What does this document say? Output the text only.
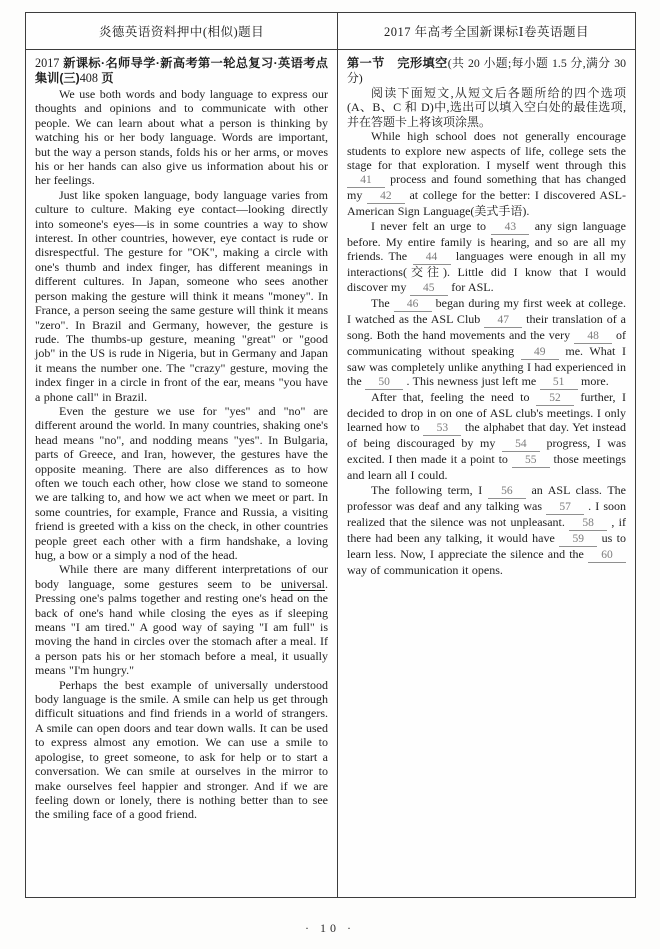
炎德英语资料押中(相似)题目	2017 年高考全国新课标Ⅰ卷英语题目

2017 新课标·名师导学·新高考第一轮总复习·英语考点集训(三)408 页

We use both words and body language to express our thoughts and opinions and to communicate with other people. We can learn about what a person is thinking by watching his or her body language. Words are important, but the way a person stands, folds his or her arms, or moves his or her hands can also give us information about his or her feelings.

Just like spoken language, body language varies from culture to culture. Making eye contact—looking directly into someone's eyes—is in some countries a way to show interest. In other countries, however, eye contact is rude or disrespectful. The gesture for "OK", making a circle with one's thumb and index finger, has different meanings in different cultures. In Japan, someone who sees another person making the gesture will think it means "money". In France, a person seeing the same gesture will think it means "zero". In Brazil and Germany, however, the gesture is rude. The thumbs-up gesture, meaning "great" or "good job" in the US is rude in Nigeria, but in Germany and Japan it means the number one. The "crazy" gesture, moving the index finger in a circle in front of the ear, means "you have a phone call" in Brazil.

Even the gesture we use for "yes" and "no" are different around the world. In many countries, shaking one's head means "no", and nodding means "yes". In Bulgaria, parts of Greece, and Iran, however, the gestures have the opposite meaning. There are also differences as to how often we touch each other, how close we stand to someone we are talking to, and how we act when we meet or part. In some countries, for example, France and Russia, a visiting friend is greeted with a kiss on the check, in other countries people greet each other with a firm handshake, a loving hug, a bow or a simply a nod of the head.

While there are many different interpretations of our body language, some gestures seem to be universal. Pressing one's palms together and resting one's head on the back of one's hand while closing the eyes as if sleeping means "I am tired." A good way of saying "I am full" is moving the hand in circles over the stomach after a meal. If a person pats his or her stomach before a meal, it usually means "I'm hungry."

Perhaps the best example of universally understood body language is the smile. A smile can help us get through difficult situations and find friends in a world of strangers. A smile can open doors and tear down walls. It can be used to express almost any emotion. We can use a smile to apologise, to greet someone, to ask for help or to start a conversation. We can smile at ourselves in the mirror to make ourselves feel happier and stronger. And if we are feeling down or lonely, there is nothing better than to see the smiling face of a good friend.

第一节　完形填空(共 20 小题;每小题 1.5 分,满分 30 分)

阅读下面短文,从短文后各题所给的四个选项(A、B、C 和 D)中,选出可以填入空白处的最佳选项,并在答题卡上将该项涂黑。

While high school does not generally encourage students to explore new aspects of life, college sets the stage for that exploration. I myself went through this 41 process and found something that has changed my 42 at college for the better: I discovered ASL-American Sign Language(美式手语).

I never felt an urge to 43 any sign language before. My entire family is hearing, and so are all my friends. The 44 languages were enough in all my interactions(交往). Little did I know that I would discover my 45 for ASL.

The 46 began during my first week at college. I watched as the ASL Club 47 their translation of a song. Both the hand movements and the very 48 of communicating without speaking 49 me. What I saw was completely unlike anything I had experienced in the 50 . This newness just left me 51 more.

After that, feeling the need to 52 further, I decided to drop in on one of ASL club's meetings. I only learned how to 53 the alphabet that day. Yet instead of being discouraged by my 54 progress, I was excited. I then made it a point to 55 those meetings and learn all I could.

The following term, I 56 an ASL class. The professor was deaf and any talking was 57 . I soon realized that the silence was not unpleasant. 58 , if there had been any talking, it would have 59 us to learn less. Now, I appreciate the silence and the 60 way of communication it opens.

· 10 ·
